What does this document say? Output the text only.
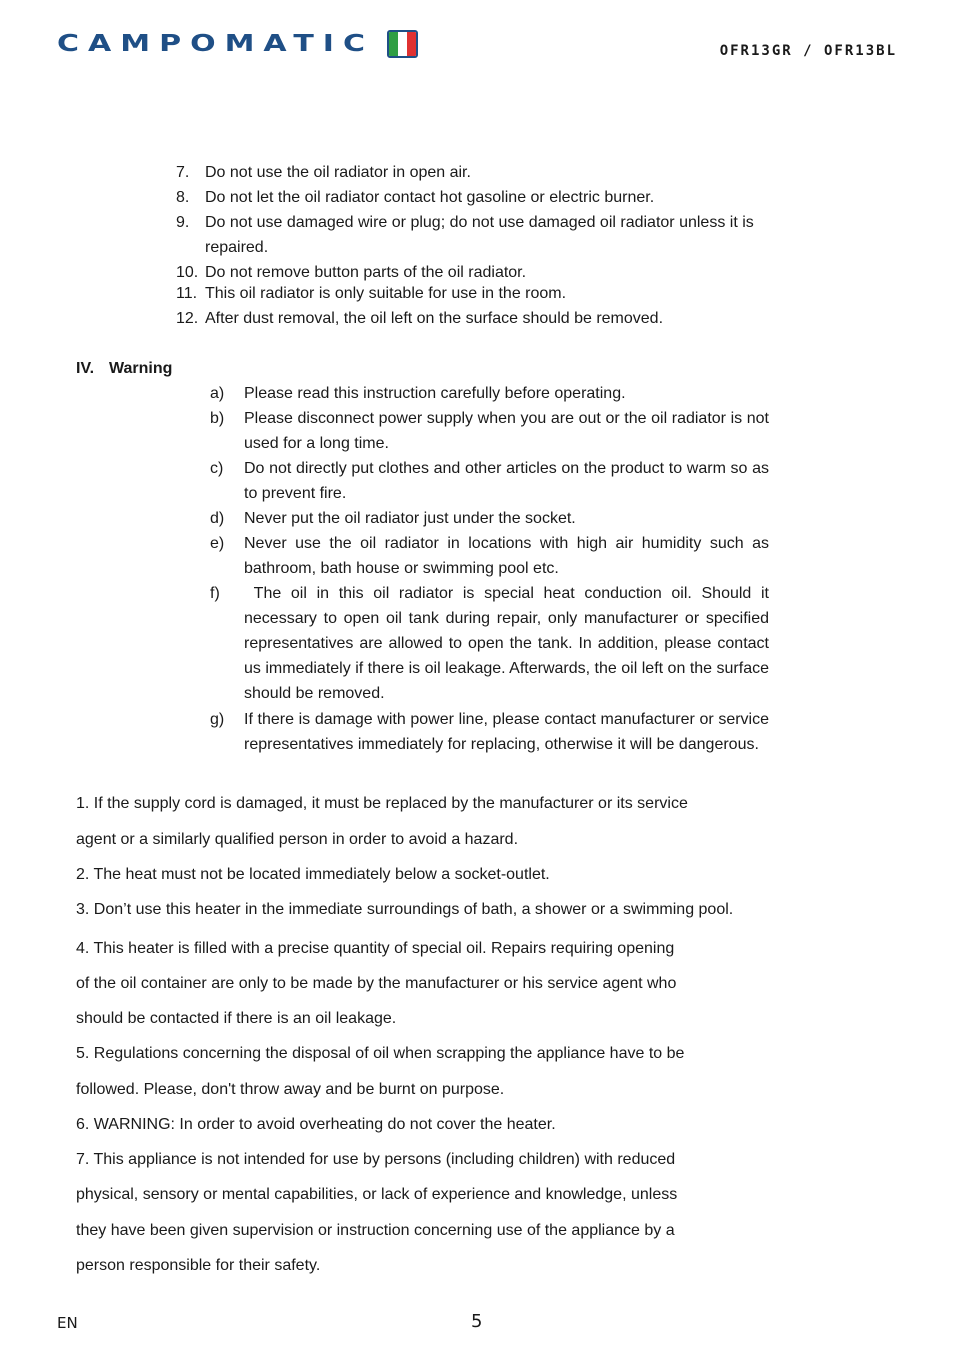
CAMPOMATIC	OFR13GR / OFR13BL
7. Do not use the oil radiator in open air.
8. Do not let the oil radiator contact hot gasoline or electric burner.
9. Do not use damaged wire or plug; do not use damaged oil radiator unless it is repaired.
10. Do not remove button parts of the oil radiator.
11. This oil radiator is only suitable for use in the room.
12. After dust removal, the oil left on the surface should be removed.
IV. Warning
a)	Please read this instruction carefully before operating.
b)	Please disconnect power supply when you are out or the oil radiator is not used for a long time.
c)	Do not directly put clothes and other articles on the product to warm so as to prevent fire.
d)	Never put the oil radiator just under the socket.
e)	Never use the oil radiator in locations with high air humidity such as bathroom, bath house or swimming pool etc.
f)	The oil in this oil radiator is special heat conduction oil. Should it necessary to open oil tank during repair, only manufacturer or specified representatives are allowed to open the tank. In addition, please contact us immediately if there is oil leakage. Afterwards, the oil left on the surface should be removed.
g)	If there is damage with power line, please contact manufacturer or service representatives immediately for replacing, otherwise it will be dangerous.
1. If the supply cord is damaged, it must be replaced by the manufacturer or its service
agent or a similarly qualified person in order to avoid a hazard.
2. The heat must not be located immediately below a socket-outlet.
3. Don’t use this heater in the immediate surroundings of bath, a shower or a swimming pool.
4. This heater is filled with a precise quantity of special oil. Repairs requiring opening
of the oil container are only to be made by the manufacturer or his service agent who
should be contacted if there is an oil leakage.
5. Regulations concerning the disposal of oil when scrapping the appliance have to be
followed. Please, don't throw away and be burnt on purpose.
6. WARNING: In order to avoid overheating do not cover the heater.
7. This appliance is not intended for use by persons (including children) with reduced
physical, sensory or mental capabilities, or lack of experience and knowledge, unless
they have been given supervision or instruction concerning use of the appliance by a
person responsible for their safety.
EN	5
